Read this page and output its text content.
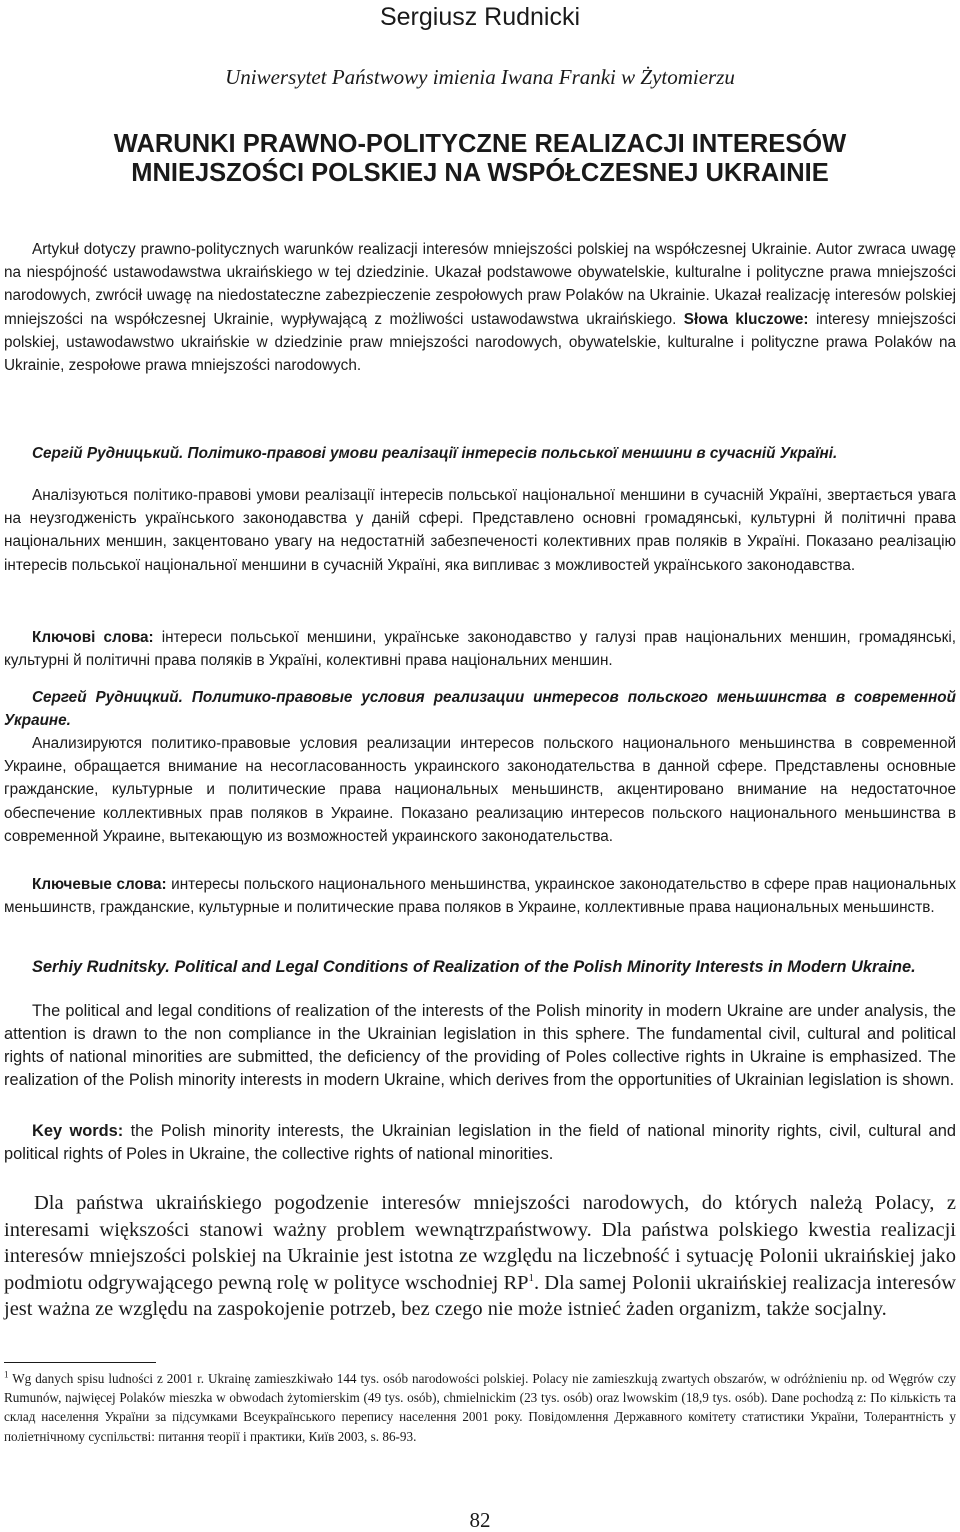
Sergiusz Rudnicki
Uniwersytet Państwowy imienia Iwana Franki w Żytomierzu
WARUNKI PRAWNO-POLITYCZNE REALIZACJI INTERESÓW MNIEJSZOŚCI POLSKIEJ NA WSPÓŁCZESNEJ UKRAINIE

Artykuł dotyczy prawno-politycznych warunków realizacji interesów mniejszości polskiej na współczesnej Ukrainie. Autor zwraca uwagę na niespójność ustawodawstwa ukraińskiego w tej dziedzinie. Ukazał podstawowe obywatelskie, kulturalne i polityczne prawa mniejszości narodowych, zwrócił uwagę na niedostateczne zabezpieczenie zespołowych praw Polaków na Ukrainie. Ukazał realizację interesów polskiej mniejszości na współczesnej Ukrainie, wypływającą z możliwości ustawodawstwa ukraińskiego. Słowa kluczowe: interesy mniejszości polskiej, ustawodawstwo ukraińskie w dziedzinie praw mniejszości narodowych, obywatelskie, kulturalne i polityczne prawa Polaków na Ukrainie, zespołowe prawa mniejszości narodowych.

Сергій Рудницький. Політико-правові умови реалізації інтересів польської меншини в сучасній Україні.

Аналізуються політико-правові умови реалізації інтересів польської національної меншини в сучасній Україні, звертається увага на неузгодженість українського законодавства у даній сфері. Представлено основні громадянські, культурні й політичні права національних меншин, закцентовано увагу на недостатній забезпеченості колективних прав поляків в Україні. Показано реалізацію інтересів польської національної меншини в сучасній Україні, яка випливає з можливостей українського законодавства.

Ключові слова: інтереси польської меншини, українське законодавство у галузі прав національних меншин, громадянські, культурні й політичні права поляків в Україні, колективні права національних меншин.

Сергей Рудницкий. Политико-правовые условия реализации интересов польского меньшинства в современной Украине.

Анализируются политико-правовые условия реализации интересов польского национального меньшинства в современной Украине, обращается внимание на несогласованность украинского законодательства в данной сфере. Представлены основные гражданские, культурные и политические права национальных меньшинств, акцентировано внимание на недостаточное обеспечение коллективных прав поляков в Украине. Показано реализацию интересов польского национального меньшинства в современной Украине, вытекающую из возможностей украинского законодательства.

Ключевые слова: интересы польского национального меньшинства, украинское законодательство в сфере прав национальных меньшинств, гражданские, культурные и политические права поляков в Украине, коллективные права национальных меньшинств.

Serhiy Rudnitsky. Political and Legal Conditions of Realization of the Polish Minority Interests in Modern Ukraine.

The political and legal conditions of realization of the interests of the Polish minority in modern Ukraine are under analysis, the attention is drawn to the non compliance in the Ukrainian legislation in this sphere. The fundamental civil, cultural and political rights of national minorities are submitted, the deficiency of the providing of Poles collective rights in Ukraine is emphasized. The realization of the Polish minority interests in modern Ukraine, which derives from the opportunities of Ukrainian legislation is shown.

Key words: the Polish minority interests, the Ukrainian legislation in the field of national minority rights, civil, cultural and political rights of Poles in Ukraine, the collective rights of national minorities.

Dla państwa ukraińskiego pogodzenie interesów mniejszości narodowych, do których należą Polacy, z interesami większości stanowi ważny problem wewnątrzpaństwowy. Dla państwa polskiego kwestia realizacji interesów mniejszości polskiej na Ukrainie jest istotna ze względu na liczebność i sytuację Polonii ukraińskiej jako podmiotu odgrywającego pewną rolę w polityce wschodniej $RP^1$. Dla samej Polonii ukraińskiej realizacja interesów jest ważna ze względu na zaspokojenie potrzeb, bez czego nie może istnieć żaden organizm, także socjalny.

$^1$ Wg danych spisu ludności z 2001 r. Ukrainę zamieszkiwało 144 tys. osób narodowości polskiej. Polacy nie zamieszkują zwartych obszarów, w odróżnieniu np. od Węgrów czy Rumunów, najwięcej Polaków mieszka w obwodach żytomierskim (49 tys. osób), chmielnickim (23 tys. osób) oraz lwowskim (18,9 tys. osób). Dane pochodzą z: По кількість та склад населення України за підсумками Всеукраїнського перепису населення 2001 року. Повідомлення Державного комітету статистики України, Толерантність у поліетнічному суспільстві: питання теорії і практики, Київ 2003, s. 86-93.

82
